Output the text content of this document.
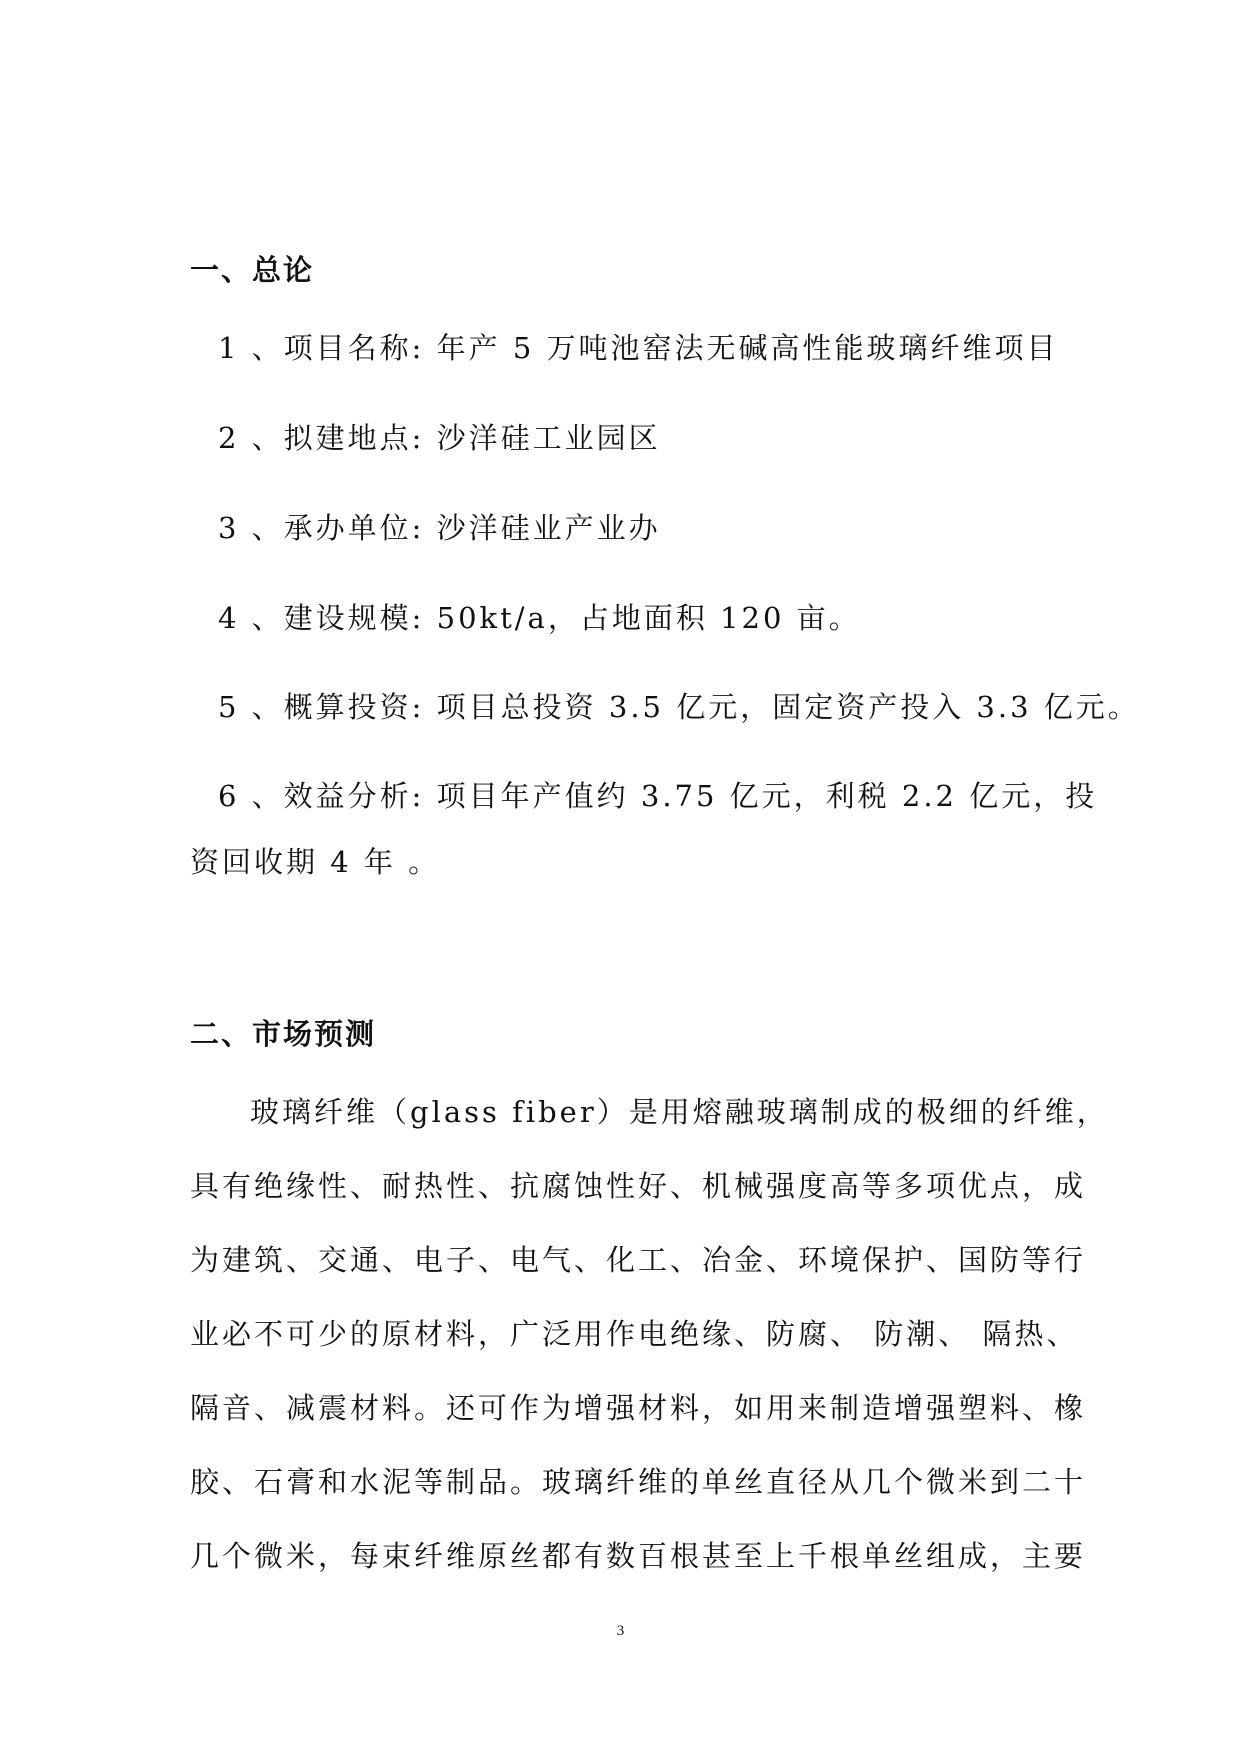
一、总论
1 、项目名称: 年产 5 万吨池窑法无碱高性能玻璃纤维项目
2 、拟建地点: 沙洋硅工业园区
3 、承办单位: 沙洋硅业产业办
4 、建设规模: 50kt/a，占地面积 120 亩。
5 、概算投资: 项目总投资 3.5 亿元，固定资产投入 3.3 亿元。
6 、效益分析: 项目年产值约 3.75 亿元，利税 2.2 亿元，投
资回收期 4 年 。
二、市场预测
玻璃纤维（glass fiber）是用熔融玻璃制成的极细的纤维，
具有绝缘性、耐热性、抗腐蚀性好、机械强度高等多项优点，成
为建筑、交通、电子、电气、化工、冶金、环境保护、国防等行
业必不可少的原材料，广泛用作电绝缘、防腐、 防潮、 隔热、
隔音、减震材料。还可作为增强材料，如用来制造增强塑料、橡
胶、石膏和水泥等制品。玻璃纤维的单丝直径从几个微米到二十
几个微米，每束纤维原丝都有数百根甚至上千根单丝组成，主要
3
